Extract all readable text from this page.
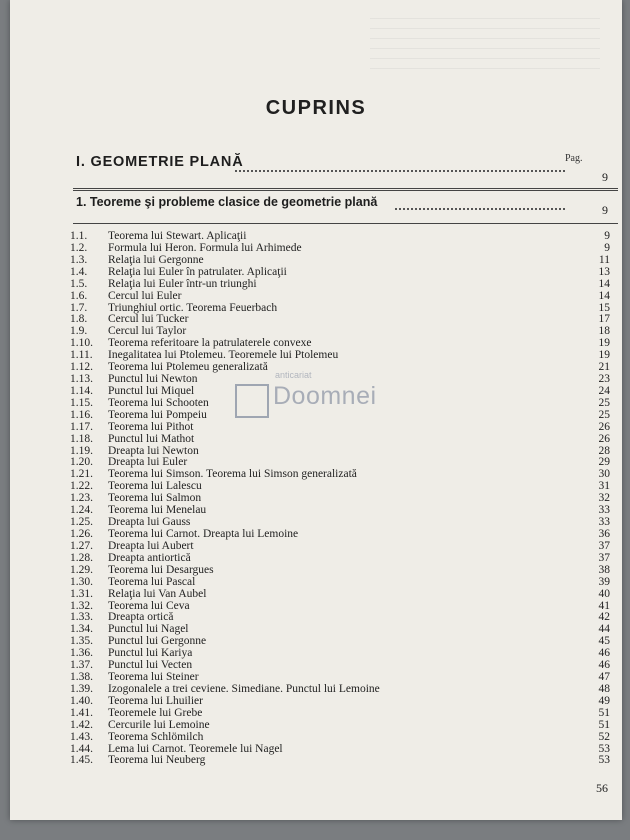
CUPRINS
Pag.
I. GEOMETRIE PLANĂ
9
1. Teoreme şi probleme clasice de geometrie plană
9
1.1.	Teorema lui Stewart. Aplicaţii	9
1.2.	Formula lui Heron. Formula lui Arhimede	9
1.3.	Relaţia lui Gergonne	11
1.4.	Relaţia lui Euler în patrulater. Aplicaţii	13
1.5.	Relaţia lui Euler într-un triunghi	14
1.6.	Cercul lui Euler	14
1.7.	Triunghiul ortic. Teorema Feuerbach	15
1.8.	Cercul lui Tucker	17
1.9.	Cercul lui Taylor	18
1.10.	Teorema referitoare la patrulaterele convexe	19
1.11.	Inegalitatea lui Ptolemeu. Teoremele lui Ptolemeu	19
1.12.	Teorema lui Ptolemeu generalizată	21
1.13.	Punctul lui Newton	23
1.14.	Punctul lui Miquel	24
1.15.	Teorema lui Schooten	25
1.16.	Teorema lui Pompeiu	25
1.17.	Teorema lui Pithot	26
1.18.	Punctul lui Mathot	26
1.19.	Dreapta lui Newton	28
1.20.	Dreapta lui Euler	29
1.21.	Teorema lui Simson. Teorema lui Simson generalizată	30
1.22.	Teorema lui Lalescu	31
1.23.	Teorema lui Salmon	32
1.24.	Teorema lui Menelau	33
1.25.	Dreapta lui Gauss	33
1.26.	Teorema lui Carnot. Dreapta lui Lemoine	36
1.27.	Dreapta lui Aubert	37
1.28.	Dreapta antiortică	37
1.29.	Teorema lui Desargues	38
1.30.	Teorema lui Pascal	39
1.31.	Relaţia lui Van Aubel	40
1.32.	Teorema lui Ceva	41
1.33.	Dreapta ortică	42
1.34.	Punctul lui Nagel	44
1.35.	Punctul lui Gergonne	45
1.36.	Punctul lui Kariya	46
1.37.	Punctul lui Vecten	46
1.38.	Teorema lui Steiner	47
1.39.	Izogonalele a trei ceviene. Simediane. Punctul lui Lemoine	48
1.40.	Teorema lui Lhuilier	49
1.41.	Teoremele lui Grebe	51
1.42.	Cercurile lui Lemoine	51
1.43.	Teorema Schlömilch	52
1.44.	Lema lui Carnot. Teoremele lui Nagel	53
1.45.	Teorema lui Neuberg	53
56
anticariat
Doomnei
